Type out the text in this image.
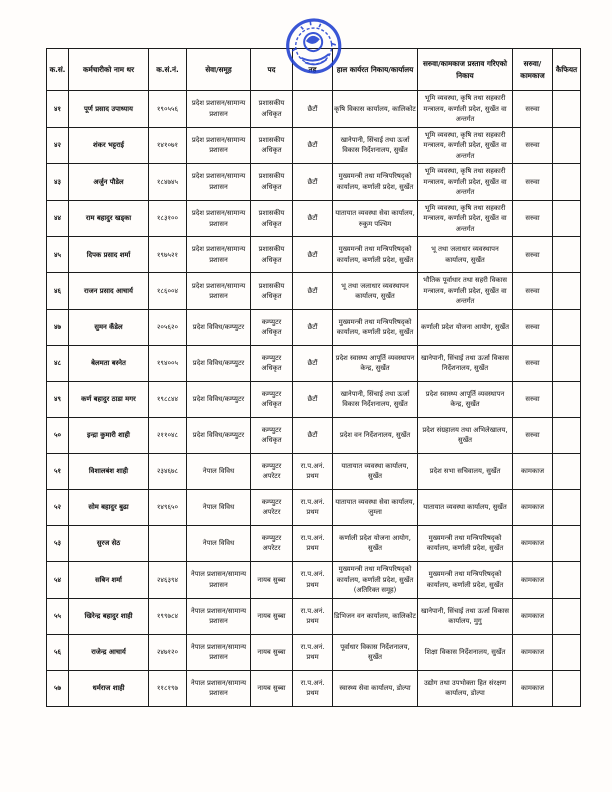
क.सं.	कर्मचारीको नाम थर	क.सं.नं.	सेवा/समूह	पद	तह	हाल कार्यरत निकाय/कार्यालय	सरुवा/कामकाज प्रस्ताव गरिएको निकाय	सरुवा/कामकाज	कैफियत
४१	पूर्ण प्रसाद उपाध्याय	१९०५५६	प्रदेश प्रशासन/सामान्य प्रशासन	प्रशासकीय अधिकृत	छैटौं	कृषि विकास कार्यालय, कालिकोट	भूमि व्यवस्था, कृषि तथा सहकारी मन्त्रालय, कर्णाली प्रदेश, सुर्खेत वा अन्तर्गत	सरुवा	
४२	शंकर भट्टराई	१४१०७१	प्रदेश प्रशासन/सामान्य प्रशासन	प्रशासकीय अधिकृत	छैटौं	खानेपानी, सिंचाई तथा ऊर्जा विकास निर्देशनालय, सुर्खेत	भूमि व्यवस्था, कृषि तथा सहकारी मन्त्रालय, कर्णाली प्रदेश, सुर्खेत वा अन्तर्गत	सरुवा	
४३	अर्जुन पौडेल	१८४७४५	प्रदेश प्रशासन/सामान्य प्रशासन	प्रशासकीय अधिकृत	छैटौं	मुख्यमन्त्री तथा मन्त्रिपरिषद्को कार्यालय, कर्णाली प्रदेश, सुर्खेत	भूमि व्यवस्था, कृषि तथा सहकारी मन्त्रालय, कर्णाली प्रदेश, सुर्खेत वा अन्तर्गत	सरुवा	
४४	राम बहादुर खड्का	१८३१००	प्रदेश प्रशासन/सामान्य प्रशासन	प्रशासकीय अधिकृत	छैटौं	यातायात व्यवस्था सेवा कार्यालय, रुकुम पश्चिम	भूमि व्यवस्था, कृषि तथा सहकारी मन्त्रालय, कर्णाली प्रदेश, सुर्खेत वा अन्तर्गत	सरुवा	
४५	दिपक प्रसाद शर्मा	१९७५२१	प्रदेश प्रशासन/सामान्य प्रशासन	प्रशासकीय अधिकृत	छैटौं	मुख्यमन्त्री तथा मन्त्रिपरिषद्को कार्यालय, कर्णाली प्रदेश, सुर्खेत	भू तथा जलाधार व्यवस्थापन कार्यालय, सुर्खेत	सरुवा	
४६	राजन प्रसाद आचार्य	१८६००४	प्रदेश प्रशासन/सामान्य प्रशासन	प्रशासकीय अधिकृत	छैटौं	भू तथा जलाधार व्यवस्थापन कार्यालय, सुर्खेत	भौतिक पूर्वाधार तथा सहरी विकास मन्त्रालय, कर्णाली प्रदेश, सुर्खेत वा अन्तर्गत	सरुवा	
४७	सुमन कँडेल	२०५६२०	प्रदेश विविध/कम्प्युटर	कम्प्युटर अधिकृत	छैटौं	मुख्यमन्त्री तथा मन्त्रिपरिषद्को कार्यालय, कर्णाली प्रदेश, सुर्खेत	कर्णाली प्रदेश योजना आयोग, सुर्खेत	सरुवा	
४८	बेलमता बस्नेत	१९४००५	प्रदेश विविध/कम्प्युटर	कम्प्युटर अधिकृत	छैटौं	प्रदेश स्वास्थ्य आपूर्ति व्यवस्थापन केन्द्र, सुर्खेत	खानेपानी, सिंचाई तथा ऊर्जा विकास निर्देशनालय, सुर्खेत	सरुवा	
४९	कर्ण बहादुर ठाडा मगर	१९८८४४	प्रदेश विविध/कम्प्युटर	कम्प्युटर अधिकृत	छैटौं	खानेपानी, सिंचाई तथा ऊर्जा विकास निर्देशनालय, सुर्खेत	प्रदेश स्वास्थ्य आपूर्ति व्यवस्थापन केन्द्र, सुर्खेत	सरुवा	
५०	इन्द्रा कुमारी शाही	२११०४८	प्रदेश विविध/कम्प्युटर	कम्प्युटर अधिकृत	छैटौं	प्रदेश वन निर्देशनालय, सुर्खेत	प्रदेश संग्रहालय तथा अभिलेखालय, सुर्खेत	सरुवा	
५१	विशालबंश शाही	२३४६७८	नेपाल विविध	कम्प्युटर अपरेटर	रा.प.अनं. प्रथम	यातायात व्यवस्था कार्यालय, सुर्खेत	प्रदेश सभा सचिवालय, सुर्खेत	कामकाज	
५२	सोम बहादुर बुढा	१४९६५०	नेपाल विविध	कम्प्युटर अपरेटर	रा.प.अनं. प्रथम	यातायात व्यवस्था सेवा कार्यालय, जुम्ला	यातायात व्यवस्था कार्यालय, सुर्खेत	कामकाज	
५३	सुरज सेठ		नेपाल विविध	कम्प्युटर अपरेटर	रा.प.अनं. प्रथम	कर्णाली प्रदेश योजना आयोग, सुर्खेत	मुख्यमन्त्री तथा मन्त्रिपरिषद्को कार्यालय, कर्णाली प्रदेश, सुर्खेत	कामकाज	
५४	सबिन शर्मा	२४६३९४	नेपाल प्रशासन/सामान्य प्रशासन	नायब सुब्बा	रा.प.अनं. प्रथम	मुख्यमन्त्री तथा मन्त्रिपरिषद्को कार्यालय, कर्णाली प्रदेश, सुर्खेत (अतिरिक्त समूह)	मुख्यमन्त्री तथा मन्त्रिपरिषद्को कार्यालय, कर्णाली प्रदेश, सुर्खेत	कामकाज	
५५	खिरेन्द्र बहादुर शाही	१९९७८४	नेपाल प्रशासन/सामान्य प्रशासन	नायब सुब्बा	रा.प.अनं. प्रथम	डिभिजन वन कार्यालय, कालिकोट	खानेपानी, सिंचाई तथा ऊर्जा विकास कार्यालय, मुगु	कामकाज	
५६	राजेन्द्र आचार्य	२४७१२०	नेपाल प्रशासन/सामान्य प्रशासन	नायब सुब्बा	रा.प.अनं. प्रथम	पूर्वाधार विकास निर्देशनालय, सुर्खेत	शिक्षा विकास निर्देशनालय, सुर्खेत	कामकाज	
५७	धर्मराज शाही	११८१९७	नेपाल प्रशासन/सामान्य प्रशासन	नायब सुब्बा	रा.प.अनं. प्रथम	स्वास्थ्य सेवा कार्यालय, डोल्पा	उद्योग तथा उपभोक्ता हित संरक्षण कार्यालय, डोल्पा	कामकाज	
